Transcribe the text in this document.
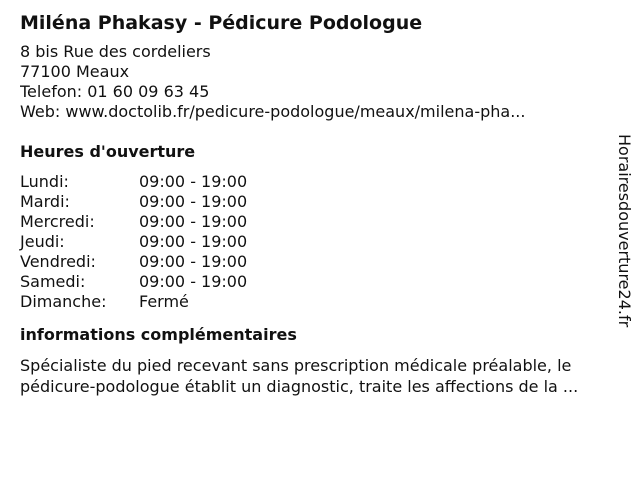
Miléna Phakasy - Pédicure Podologue
8 bis Rue des cordeliers
77100 Meaux
Telefon: 01 60 09 63 45
Web: www.doctolib.fr/pedicure-podologue/meaux/milena-pha...
Heures d'ouverture
Lundi:	09:00 - 19:00
Mardi:	09:00 - 19:00
Mercredi:	09:00 - 19:00
Jeudi:	09:00 - 19:00
Vendredi:	09:00 - 19:00
Samedi:	09:00 - 19:00
Dimanche:	Fermé
informations complémentaires
Spécialiste du pied recevant sans prescription médicale préalable, le
pédicure-podologue établit un diagnostic, traite les affections de la ...
Horairesdouverture24.fr
